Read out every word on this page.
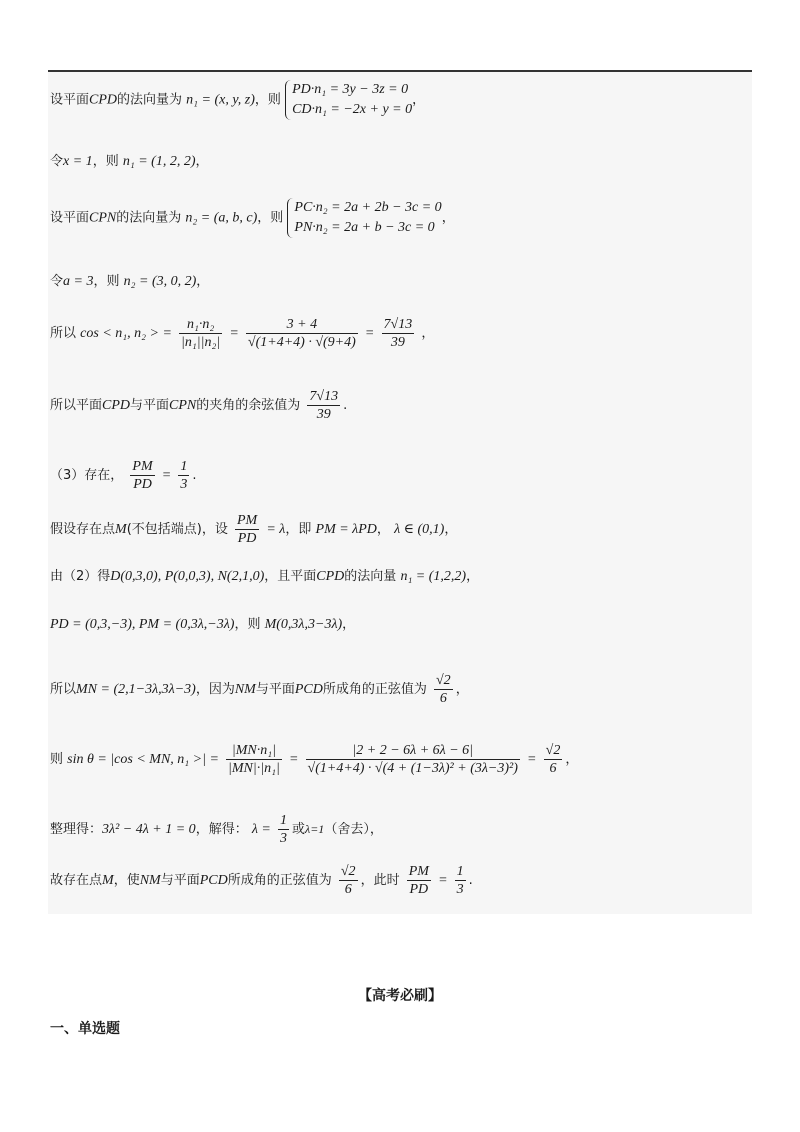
设平面CPD的法向量为 n₁ = (x, y, z)，则
PD·n₁ = 3y − 3z = 0
CD·n₁ = −2x + y = 0
，
令x = 1，则 n₁ = (1, 2, 2)，
设平面CPN的法向量为 n₂ = (a, b, c)，则
PC·n₂ = 2a + 2b − 3c = 0
PN·n₂ = 2a + b − 3c = 0
，
令a = 3，则 n₂ = (3, 0, 2)，
所以 cos < n₁, n₂ > = $\frac{\text{n₁·n₂}}{\text{|n₁||n₂|}} = \frac{3 + 4}{√(1+4+4) \cdot √(9+4)} = \frac{7√13}{39}$ ，
所以平面CPD与平面CPN的夹角的余弦值为 $\frac{7√13}{39}$ .
（3）存在， $\frac{PM}{PD} = \frac{1}{3}$ .
假设存在点M(不包括端点)，设 $\frac{PM}{PD} = \lambda$，即 PM = λPD， λ ∈ (0,1)，
由（2）得D(0,3,0), P(0,0,3), N(2,1,0)，且平面CPD的法向量 n₁ = (1,2,2)，
PD = (0,3,−3), PM = (0,3λ,−3λ)，则 M(0,3λ,3−3λ)，
所以MN = (2,1−3λ,3λ−3)，因为NM与平面PCD所成角的正弦值为 $\frac{√2}{6}$ ，
则 sin θ = |cos < MN, n₁ >| = $\frac{\text{|MN·n₁|}}{\text{|MN|·|n₁|}} = \frac{|2 + 2 - 6\lambda + 6\lambda - 6|}{\text{√(1+4+4) · √(4 + (1−3λ)² + (3λ−3)²)}} = \frac{√2}{6}$ ，
整理得：3λ² − 4λ + 1 = 0，解得： $\lambda = \frac{1}{3}$ 或λ=1（舍去），
故存在点M，使NM与平面PCD所成角的正弦值为 $\frac{√2}{6}$ ，此时 $\frac{PM}{PD} = \frac{1}{3}$ .
【高考必刷】
一、单选题
